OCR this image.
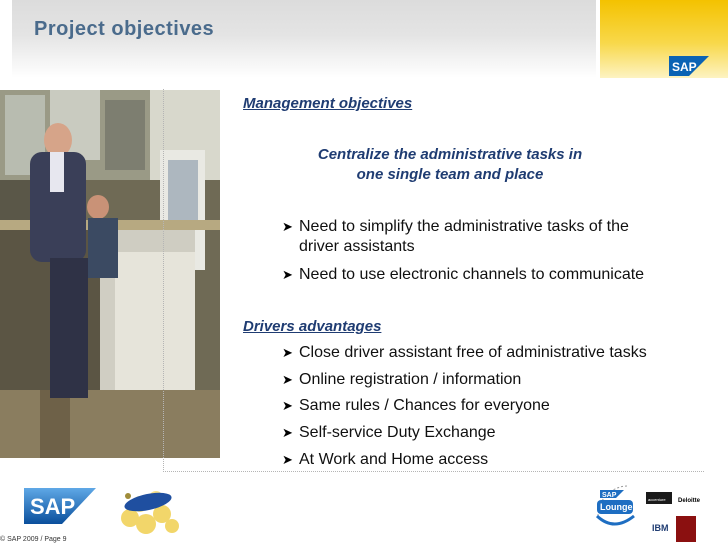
Project objectives
SAP
Management objectives
Centralize the administrative tasks in
one single team and place
➤ Need to simplify the administrative tasks of the
driver assistants
➤ Need to use electronic channels to communicate
Drivers advantages
➤ Close driver assistant free of administrative tasks
➤ Online registration / information
➤ Same rules / Chances for everyone
➤ Self-service Duty Exchange
➤ At Work and Home access
SAP
© SAP 2009 / Page 9
SAP
Lounge
accenture Deloitte
IBM
